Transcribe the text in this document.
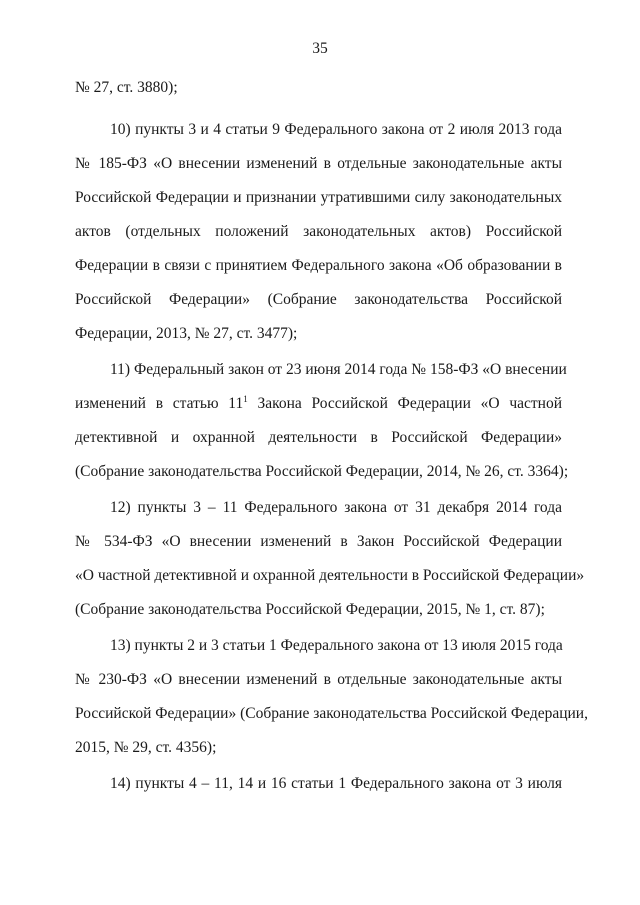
35
№ 27, ст. 3880);
10) пункты 3 и 4 статьи 9 Федерального закона от 2 июля 2013 года
№ 185-ФЗ «О внесении изменений в отдельные законодательные акты
Российской Федерации и признании утратившими силу законодательных
актов (отдельных положений законодательных актов) Российской
Федерации в связи с принятием Федерального закона «Об образовании в
Российской Федерации» (Собрание законодательства Российской
Федерации, 2013, № 27, ст. 3477);
11) Федеральный закон от 23 июня 2014 года № 158-ФЗ «О внесении
изменений в статью $11^1$ Закона Российской Федерации «О частной
детективной и охранной деятельности в Российской Федерации»
(Собрание законодательства Российской Федерации, 2014, № 26, ст. 3364);
12) пункты 3 – 11 Федерального закона от 31 декабря 2014 года
№ 534-ФЗ «О внесении изменений в Закон Российской Федерации
«О частной детективной и охранной деятельности в Российской Федерации»
(Собрание законодательства Российской Федерации, 2015, № 1, ст. 87);
13) пункты 2 и 3 статьи 1 Федерального закона от 13 июля 2015 года
№ 230-ФЗ «О внесении изменений в отдельные законодательные акты
Российской Федерации» (Собрание законодательства Российской Федерации,
2015, № 29, ст. 4356);
14) пункты 4 – 11, 14 и 16 статьи 1 Федерального закона от 3 июля
